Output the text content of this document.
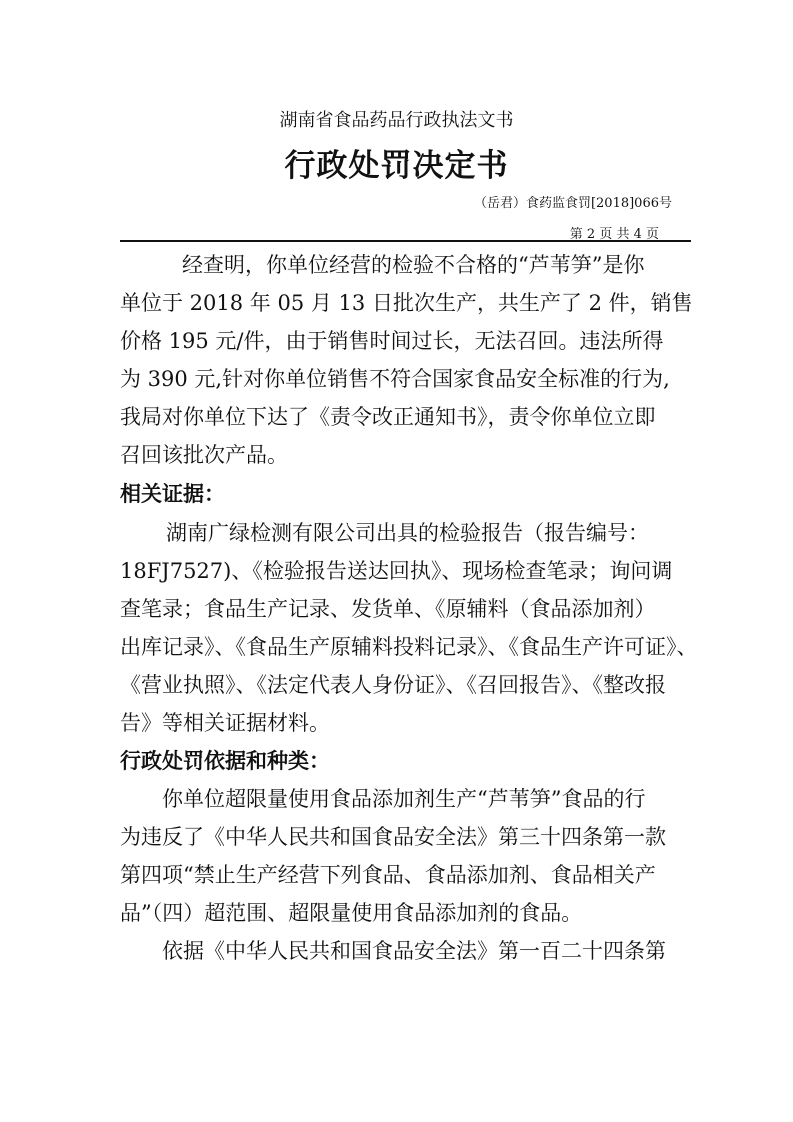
湖南省食品药品行政执法文书
行政处罚决定书
（岳君）食药监食罚[2018]066号
第 2 页 共 4 页
经查明，你单位经营的检验不合格的“芦苇笋”是你
单位于 2018 年 05 月 13 日批次生产，共生产了 2 件，销售
价格 195 元/件，由于销售时间过长，无法召回。违法所得
为 390 元,针对你单位销售不符合国家食品安全标准的行为,
我局对你单位下达了《责令改正通知书》，责令你单位立即
召回该批次产品。
相关证据：
湖南广绿检测有限公司出具的检验报告（报告编号：
18FJ7527)、《检验报告送达回执》、现场检查笔录；询问调
查笔录；食品生产记录、发货单、《原辅料（食品添加剂）
出库记录》、《食品生产原辅料投料记录》、《食品生产许可证》、
《营业执照》、《法定代表人身份证》、《召回报告》、《整改报
告》等相关证据材料。
行政处罚依据和种类：
你单位超限量使用食品添加剂生产“芦苇笋”食品的行
为违反了《中华人民共和国食品安全法》第三十四条第一款
第四项“禁止生产经营下列食品、食品添加剂、食品相关产
品”（四）超范围、超限量使用食品添加剂的食品。
依据《中华人民共和国食品安全法》第一百二十四条第
